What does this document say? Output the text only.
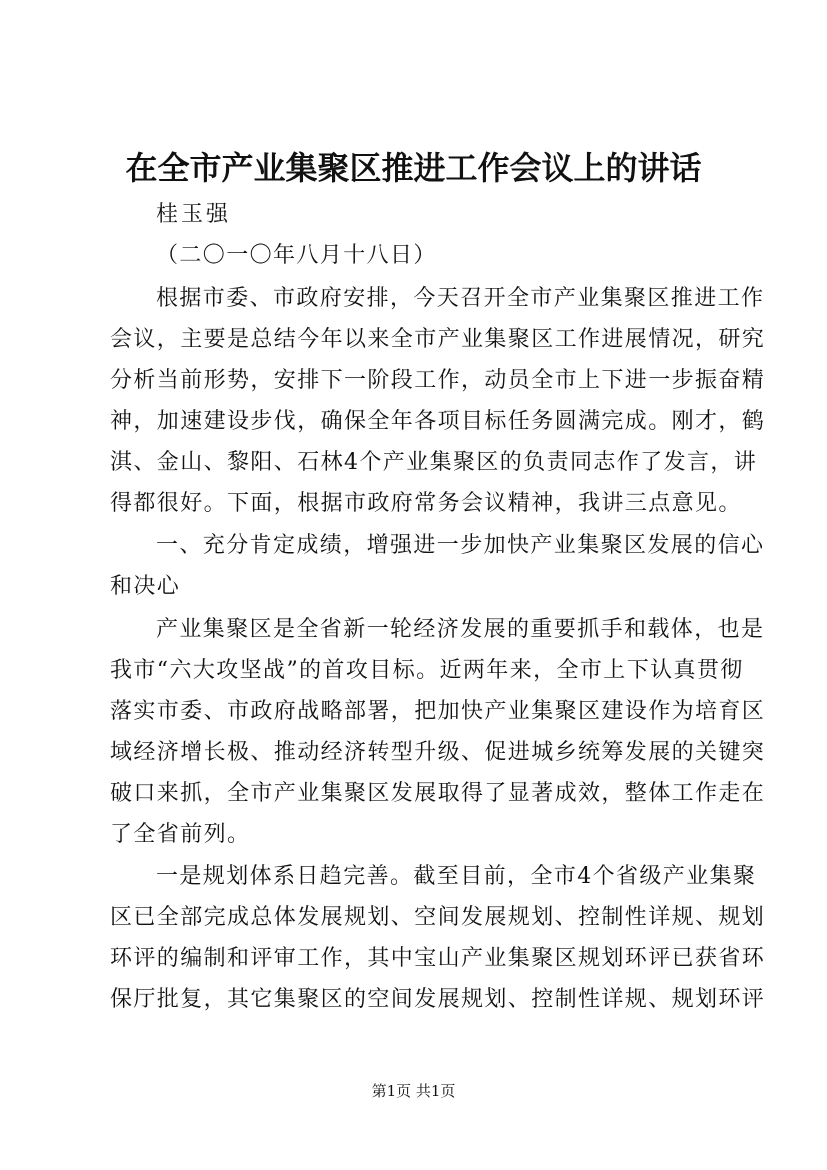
在全市产业集聚区推进工作会议上的讲话
桂玉强
（二〇一〇年八月十八日）
根据市委、市政府安排，今天召开全市产业集聚区推进工作
会议，主要是总结今年以来全市产业集聚区工作进展情况，研究
分析当前形势，安排下一阶段工作，动员全市上下进一步振奋精
神，加速建设步伐，确保全年各项目标任务圆满完成。刚才，鹤
淇、金山、黎阳、石林4个产业集聚区的负责同志作了发言，讲
得都很好。下面，根据市政府常务会议精神，我讲三点意见。
一、充分肯定成绩，增强进一步加快产业集聚区发展的信心
和决心
产业集聚区是全省新一轮经济发展的重要抓手和载体，也是
我市“六大攻坚战”的首攻目标。近两年来，全市上下认真贯彻
落实市委、市政府战略部署，把加快产业集聚区建设作为培育区
域经济增长极、推动经济转型升级、促进城乡统筹发展的关键突
破口来抓，全市产业集聚区发展取得了显著成效，整体工作走在
了全省前列。
一是规划体系日趋完善。截至目前，全市4个省级产业集聚
区已全部完成总体发展规划、空间发展规划、控制性详规、规划
环评的编制和评审工作，其中宝山产业集聚区规划环评已获省环
保厅批复，其它集聚区的空间发展规划、控制性详规、规划环评
第1页 共1页
